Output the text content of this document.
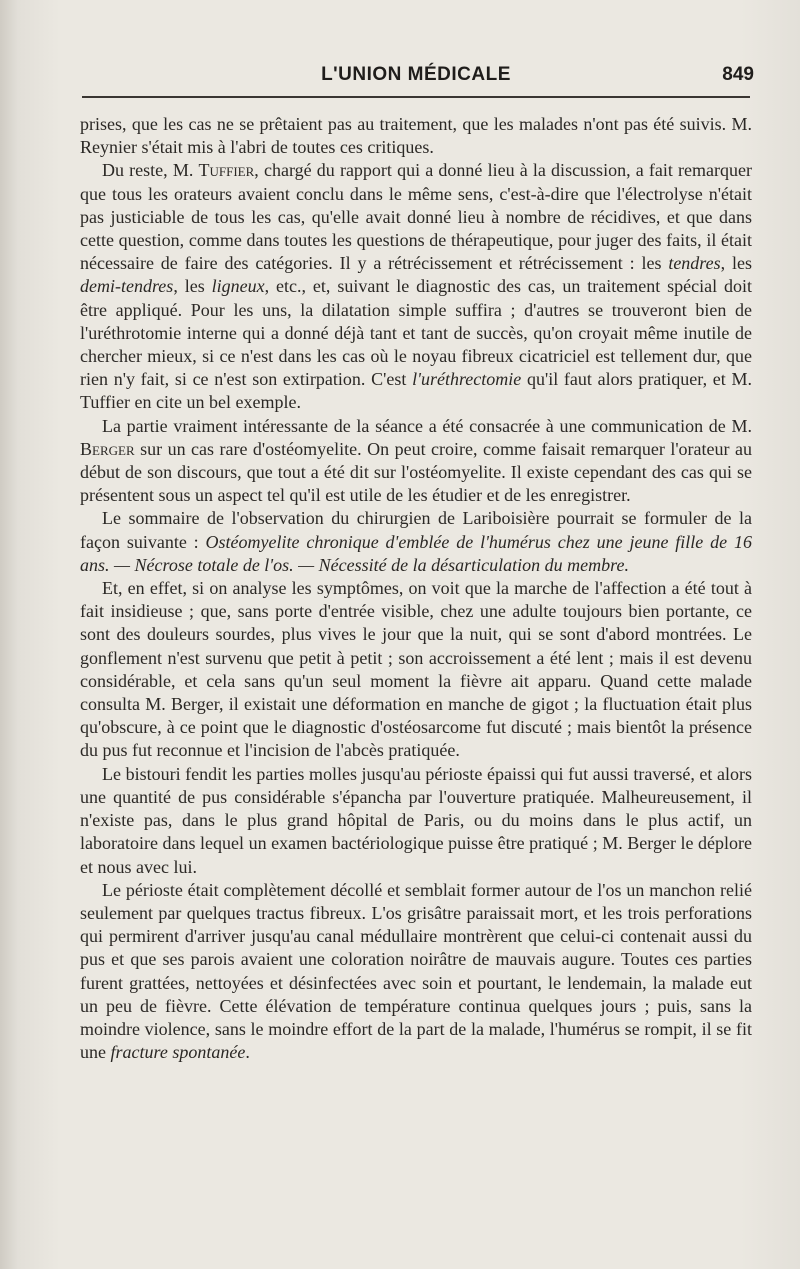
L'UNION MÉDICALE	849

prises, que les cas ne se prêtaient pas au traitement, que les malades n'ont pas été suivis. M. Reynier s'était mis à l'abri de toutes ces critiques.

Du reste, M. Tuffier, chargé du rapport qui a donné lieu à la discussion, a fait remarquer que tous les orateurs avaient conclu dans le même sens, c'est-à-dire que l'électrolyse n'était pas justiciable de tous les cas, qu'elle avait donné lieu à nombre de récidives, et que dans cette question, comme dans toutes les questions de thérapeutique, pour juger des faits, il était nécessaire de faire des catégories. Il y a rétrécissement et rétrécissement : les tendres, les demi-tendres, les ligneux, etc., et, suivant le diagnostic des cas, un traitement spécial doit être appliqué. Pour les uns, la dilatation simple suffira ; d'autres se trouveront bien de l'uréthrotomie interne qui a donné déjà tant et tant de succès, qu'on croyait même inutile de chercher mieux, si ce n'est dans les cas où le noyau fibreux cicatriciel est tellement dur, que rien n'y fait, si ce n'est son extirpation. C'est l'uréthrectomie qu'il faut alors pratiquer, et M. Tuffier en cite un bel exemple.

La partie vraiment intéressante de la séance a été consacrée à une communication de M. Berger sur un cas rare d'ostéomyelite. On peut croire, comme faisait remarquer l'orateur au début de son discours, que tout a été dit sur l'ostéomyelite. Il existe cependant des cas qui se présentent sous un aspect tel qu'il est utile de les étudier et de les enregistrer.

Le sommaire de l'observation du chirurgien de Lariboisière pourrait se formuler de la façon suivante : Ostéomyelite chronique d'emblée de l'humérus chez une jeune fille de 16 ans. — Nécrose totale de l'os. — Nécessité de la désarticulation du membre.

Et, en effet, si on analyse les symptômes, on voit que la marche de l'affection a été tout à fait insidieuse ; que, sans porte d'entrée visible, chez une adulte toujours bien portante, ce sont des douleurs sourdes, plus vives le jour que la nuit, qui se sont d'abord montrées. Le gonflement n'est survenu que petit à petit ; son accroissement a été lent ; mais il est devenu considérable, et cela sans qu'un seul moment la fièvre ait apparu. Quand cette malade consulta M. Berger, il existait une déformation en manche de gigot ; la fluctuation était plus qu'obscure, à ce point que le diagnostic d'ostéosarcome fut discuté ; mais bientôt la présence du pus fut reconnue et l'incision de l'abcès pratiquée.

Le bistouri fendit les parties molles jusqu'au périoste épaissi qui fut aussi traversé, et alors une quantité de pus considérable s'épancha par l'ouverture pratiquée. Malheureusement, il n'existe pas, dans le plus grand hôpital de Paris, ou du moins dans le plus actif, un laboratoire dans lequel un examen bactériologique puisse être pratiqué ; M. Berger le déplore et nous avec lui.

Le périoste était complètement décollé et semblait former autour de l'os un manchon relié seulement par quelques tractus fibreux. L'os grisâtre paraissait mort, et les trois perforations qui permirent d'arriver jusqu'au canal médullaire montrèrent que celui-ci contenait aussi du pus et que ses parois avaient une coloration noirâtre de mauvais augure. Toutes ces parties furent grattées, nettoyées et désinfectées avec soin et pourtant, le lendemain, la malade eut un peu de fièvre. Cette élévation de température continua quelques jours ; puis, sans la moindre violence, sans le moindre effort de la part de la malade, l'humérus se rompit, il se fit une fracture spontanée.
